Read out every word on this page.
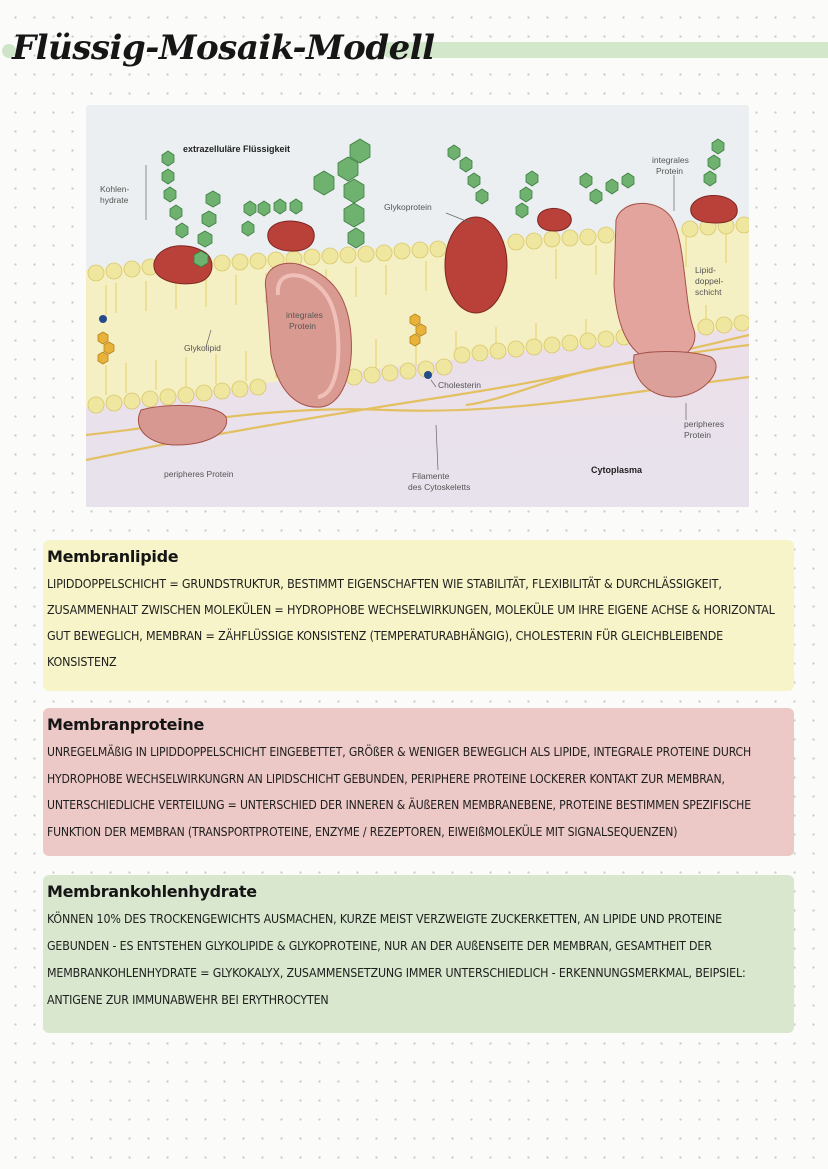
Flüssig-Mosaik-Modell
extrazelluläre Flüssigkeit
Kohlen-
hydrate
Glykoprotein
integrales
Protein
Lipid-
doppel-
schicht
integrales
Protein
Glykolipid
Cholesterin
peripheres
Protein
peripheres Protein	Filamente
des Cytoskeletts
Cytoplasma
Membranlipide

LIPIDDOPPELSCHICHT = GRUNDSTRUKTUR, BESTIMMT EIGENSCHAFTEN WIE STABILITÄT, FLEXIBILITÄT & DURCHLÄSSIGKEIT, ZUSAMMENHALT ZWISCHEN MOLEKÜLEN = HYDROPHOBE WECHSELWIRKUNGEN, MOLEKÜLE UM IHRE EIGENE ACHSE & HORIZONTAL GUT BEWEGLICH, MEMBRAN = ZÄHFLÜSSIGE KONSISTENZ (TEMPERATURABHÄNGIG), CHOLESTERIN FÜR GLEICHBLEIBENDE KONSISTENZ

Membranproteine

UNREGELMÄßIG IN LIPIDDOPPELSCHICHT EINGEBETTET, GRÖßER & WENIGER BEWEGLICH ALS LIPIDE, INTEGRALE PROTEINE DURCH HYDROPHOBE WECHSELWIRKUNGRN AN LIPIDSCHICHT GEBUNDEN, PERIPHERE PROTEINE LOCKERER KONTAKT ZUR MEMBRAN, UNTERSCHIEDLICHE VERTEILUNG = UNTERSCHIED DER INNEREN & ÄUßEREN MEMBRANEBENE, PROTEINE BESTIMMEN SPEZIFISCHE FUNKTION DER MEMBRAN (TRANSPORTPROTEINE, ENZYME / REZEPTOREN, EIWEIßMOLEKÜLE MIT SIGNALSEQUENZEN)

Membrankohlenhydrate

KÖNNEN 10% DES TROCKENGEWICHTS AUSMACHEN, KURZE MEIST VERZWEIGTE ZUCKERKETTEN, AN LIPIDE UND PROTEINE GEBUNDEN - ES ENTSTEHEN GLYKOLIPIDE & GLYKOPROTEINE, NUR AN DER AUßENSEITE DER MEMBRAN, GESAMTHEIT DER MEMBRANKOHLENHYDRATE = GLYKOKALYX, ZUSAMMENSETZUNG IMMER UNTERSCHIEDLICH - ERKENNUNGSMERKMAL, BEIPSIEL: ANTIGENE ZUR IMMUNABWEHR BEI ERYTHROCYTEN
